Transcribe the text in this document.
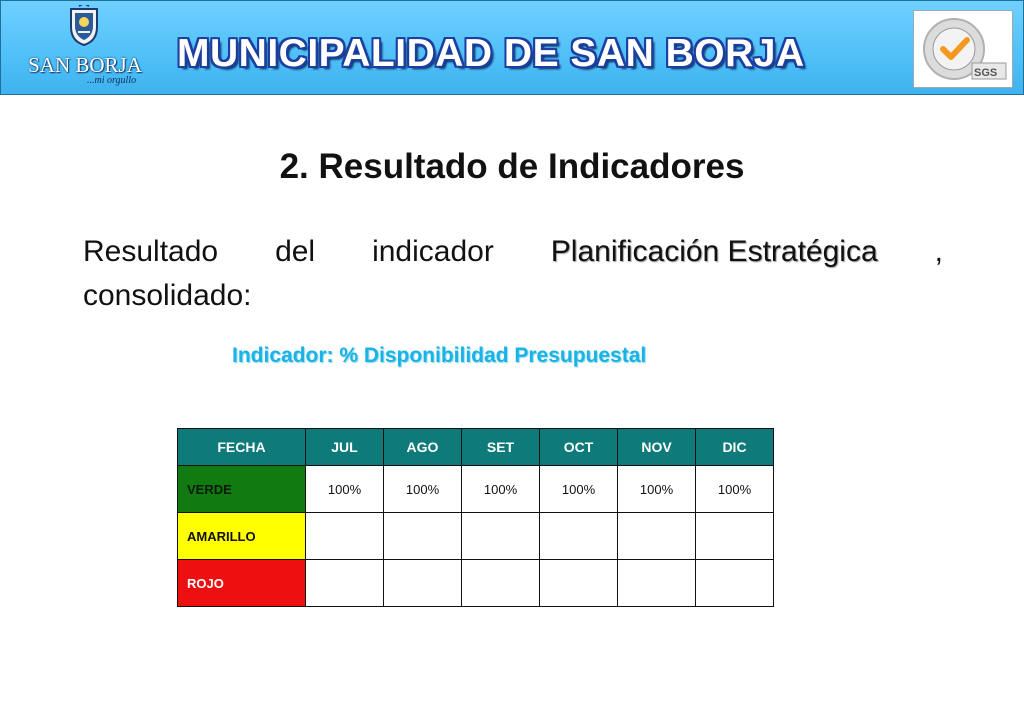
SAN BORJA
...mi orgullo
MUNICIPALIDAD DE SAN BORJA	SGS
2. Resultado de Indicadores
Resultado del indicador Planificación Estratégica ,
consolidado:
Indicador: % Disponibilidad Presupuestal
FECHA	JUL	AGO	SET	OCT	NOV	DIC
VERDE	100%	100%	100%	100%	100%	100%
AMARILLO						
ROJO						
